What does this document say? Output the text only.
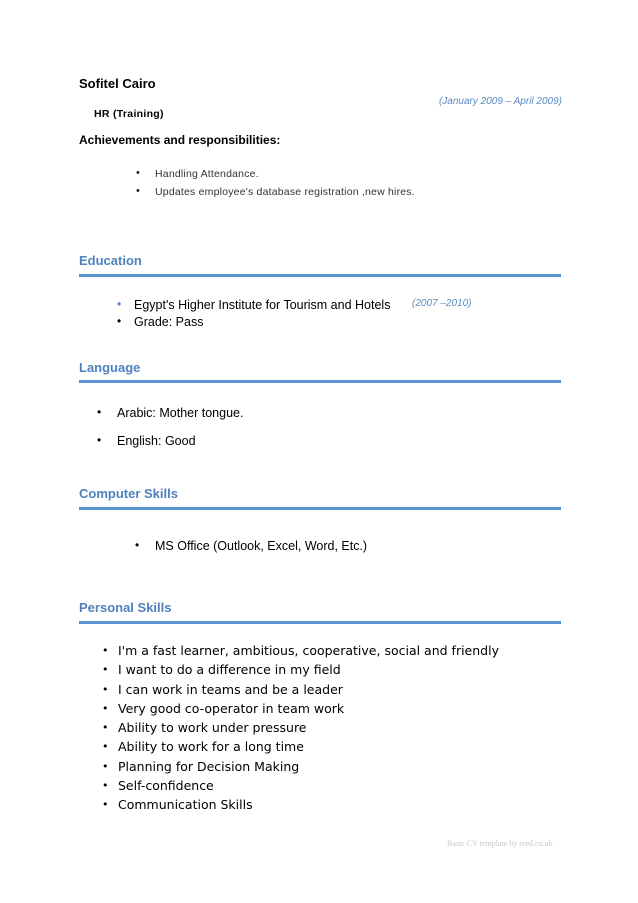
Sofitel Cairo
(January 2009 – April 2009)
HR (Training)
Achievements and responsibilities:
• Handling Attendance.
• Updates employee's database registration ,new hires.
Education
• Egypt's Higher Institute for Tourism and Hotels (2007 –2010)
• Grade: Pass
Language
• Arabic: Mother tongue.
• English: Good
Computer Skills
• MS Office (Outlook, Excel, Word, Etc.)
Personal Skills
• I'm a fast learner, ambitious, cooperative, social and friendly
• I want to do a difference in my field
• I can work in teams and be a leader
• Very good co-operator in team work
• Ability to work under pressure
• Ability to work for a long time
• Planning for Decision Making
• Self-confidence
• Communication Skills
Basic CV template by reed.co.uk
